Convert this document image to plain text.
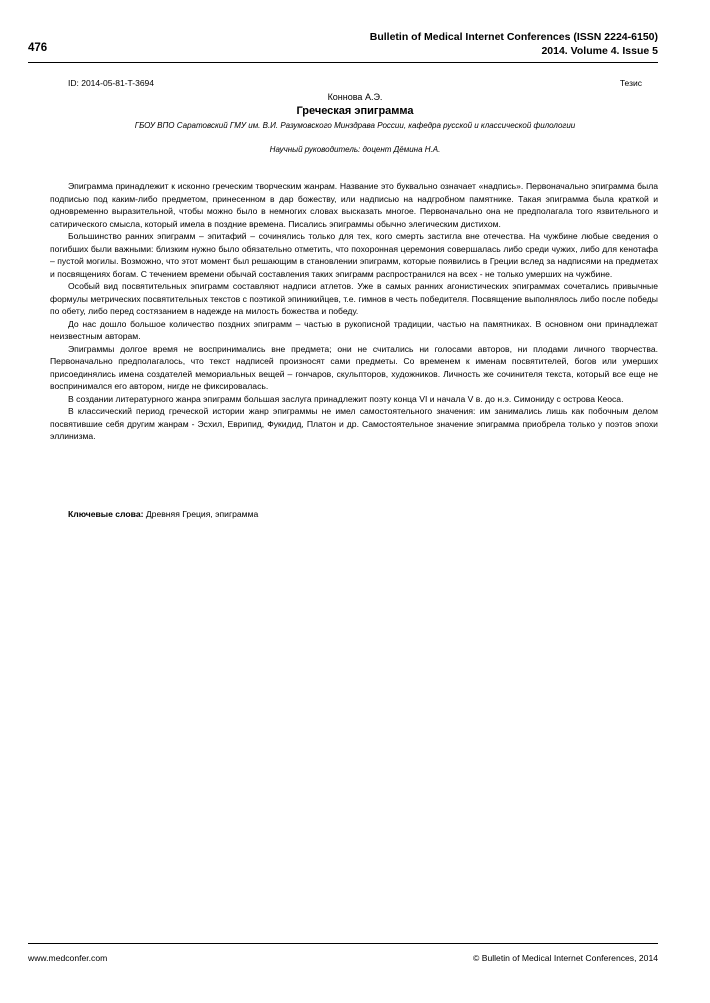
476
Bulletin of Medical Internet Conferences (ISSN 2224-6150)
2014. Volume 4. Issue 5
ID: 2014-05-81-T-3694	Тезис
Коннова А.Э.
Греческая эпиграмма
ГБОУ ВПО Саратовский ГМУ им. В.И. Разумовского Минздрава России, кафедра русской и классической филологии
Научный руководитель: доцент Дёмина Н.А.

Эпиграмма принадлежит к исконно греческим творческим жанрам. Название это буквально означает «надпись». Первоначально эпиграмма была подписью под каким-либо предметом, принесенном в дар божеству, или надписью на надгробном памятнике. Такая эпиграмма была краткой и одновременно выразительной, чтобы можно было в немногих словах высказать многое. Первоначально она не предполагала того язвительного и сатирического смысла, который имела в поздние времена. Писались эпиграммы обычно элегическим дистихом.

Большинство ранних эпиграмм – эпитафий – сочинялись только для тех, кого смерть застигла вне отечества. На чужбине любые сведения о погибших были важными: близким нужно было обязательно отметить, что похоронная церемония совершалась либо среди чужих, либо для кенотафа – пустой могилы. Возможно, что этот момент был решающим в становлении эпиграмм, которые появились в Греции вслед за надписями на предметах и посвящениях богам. С течением времени обычай составления таких эпиграмм распространился на всех - не только умерших на чужбине.

Особый вид посвятительных эпиграмм составляют надписи атлетов. Уже в самых ранних агонистических эпиграммах сочетались привычные формулы метрических посвятительных текстов с поэтикой эпиникийцев, т.е. гимнов в честь победителя. Посвящение выполнялось либо после победы по обету, либо перед состязанием в надежде на милость божества и победу.

До нас дошло большое количество поздних эпиграмм – частью в рукописной традиции, частью на памятниках. В основном они принадлежат неизвестным авторам.

Эпиграммы долгое время не воспринимались вне предмета; они не считались ни голосами авторов, ни плодами личного творчества. Первоначально предполагалось, что текст надписей произносят сами предметы. Со временем к именам посвятителей, богов или умерших присоединялись имена создателей мемориальных вещей – гончаров, скульпторов, художников. Личность же сочинителя текста, который все еще не воспринимался его автором, нигде не фиксировалась.

В создании литературного жанра эпиграмм большая заслуга принадлежит поэту конца VI и начала V в. до н.э. Симониду с острова Кеоса.

В классический период греческой истории жанр эпиграммы не имел самостоятельного значения: им занимались лишь как побочным делом посвятившие себя другим жанрам - Эсхил, Еврипид, Фукидид, Платон и др. Самостоятельное значение эпиграмма приобрела только у поэтов эпохи эллинизма.

Ключевые слова: Древняя Греция, эпиграмма
www.medconfer.com	© Bulletin of Medical Internet Conferences, 2014
